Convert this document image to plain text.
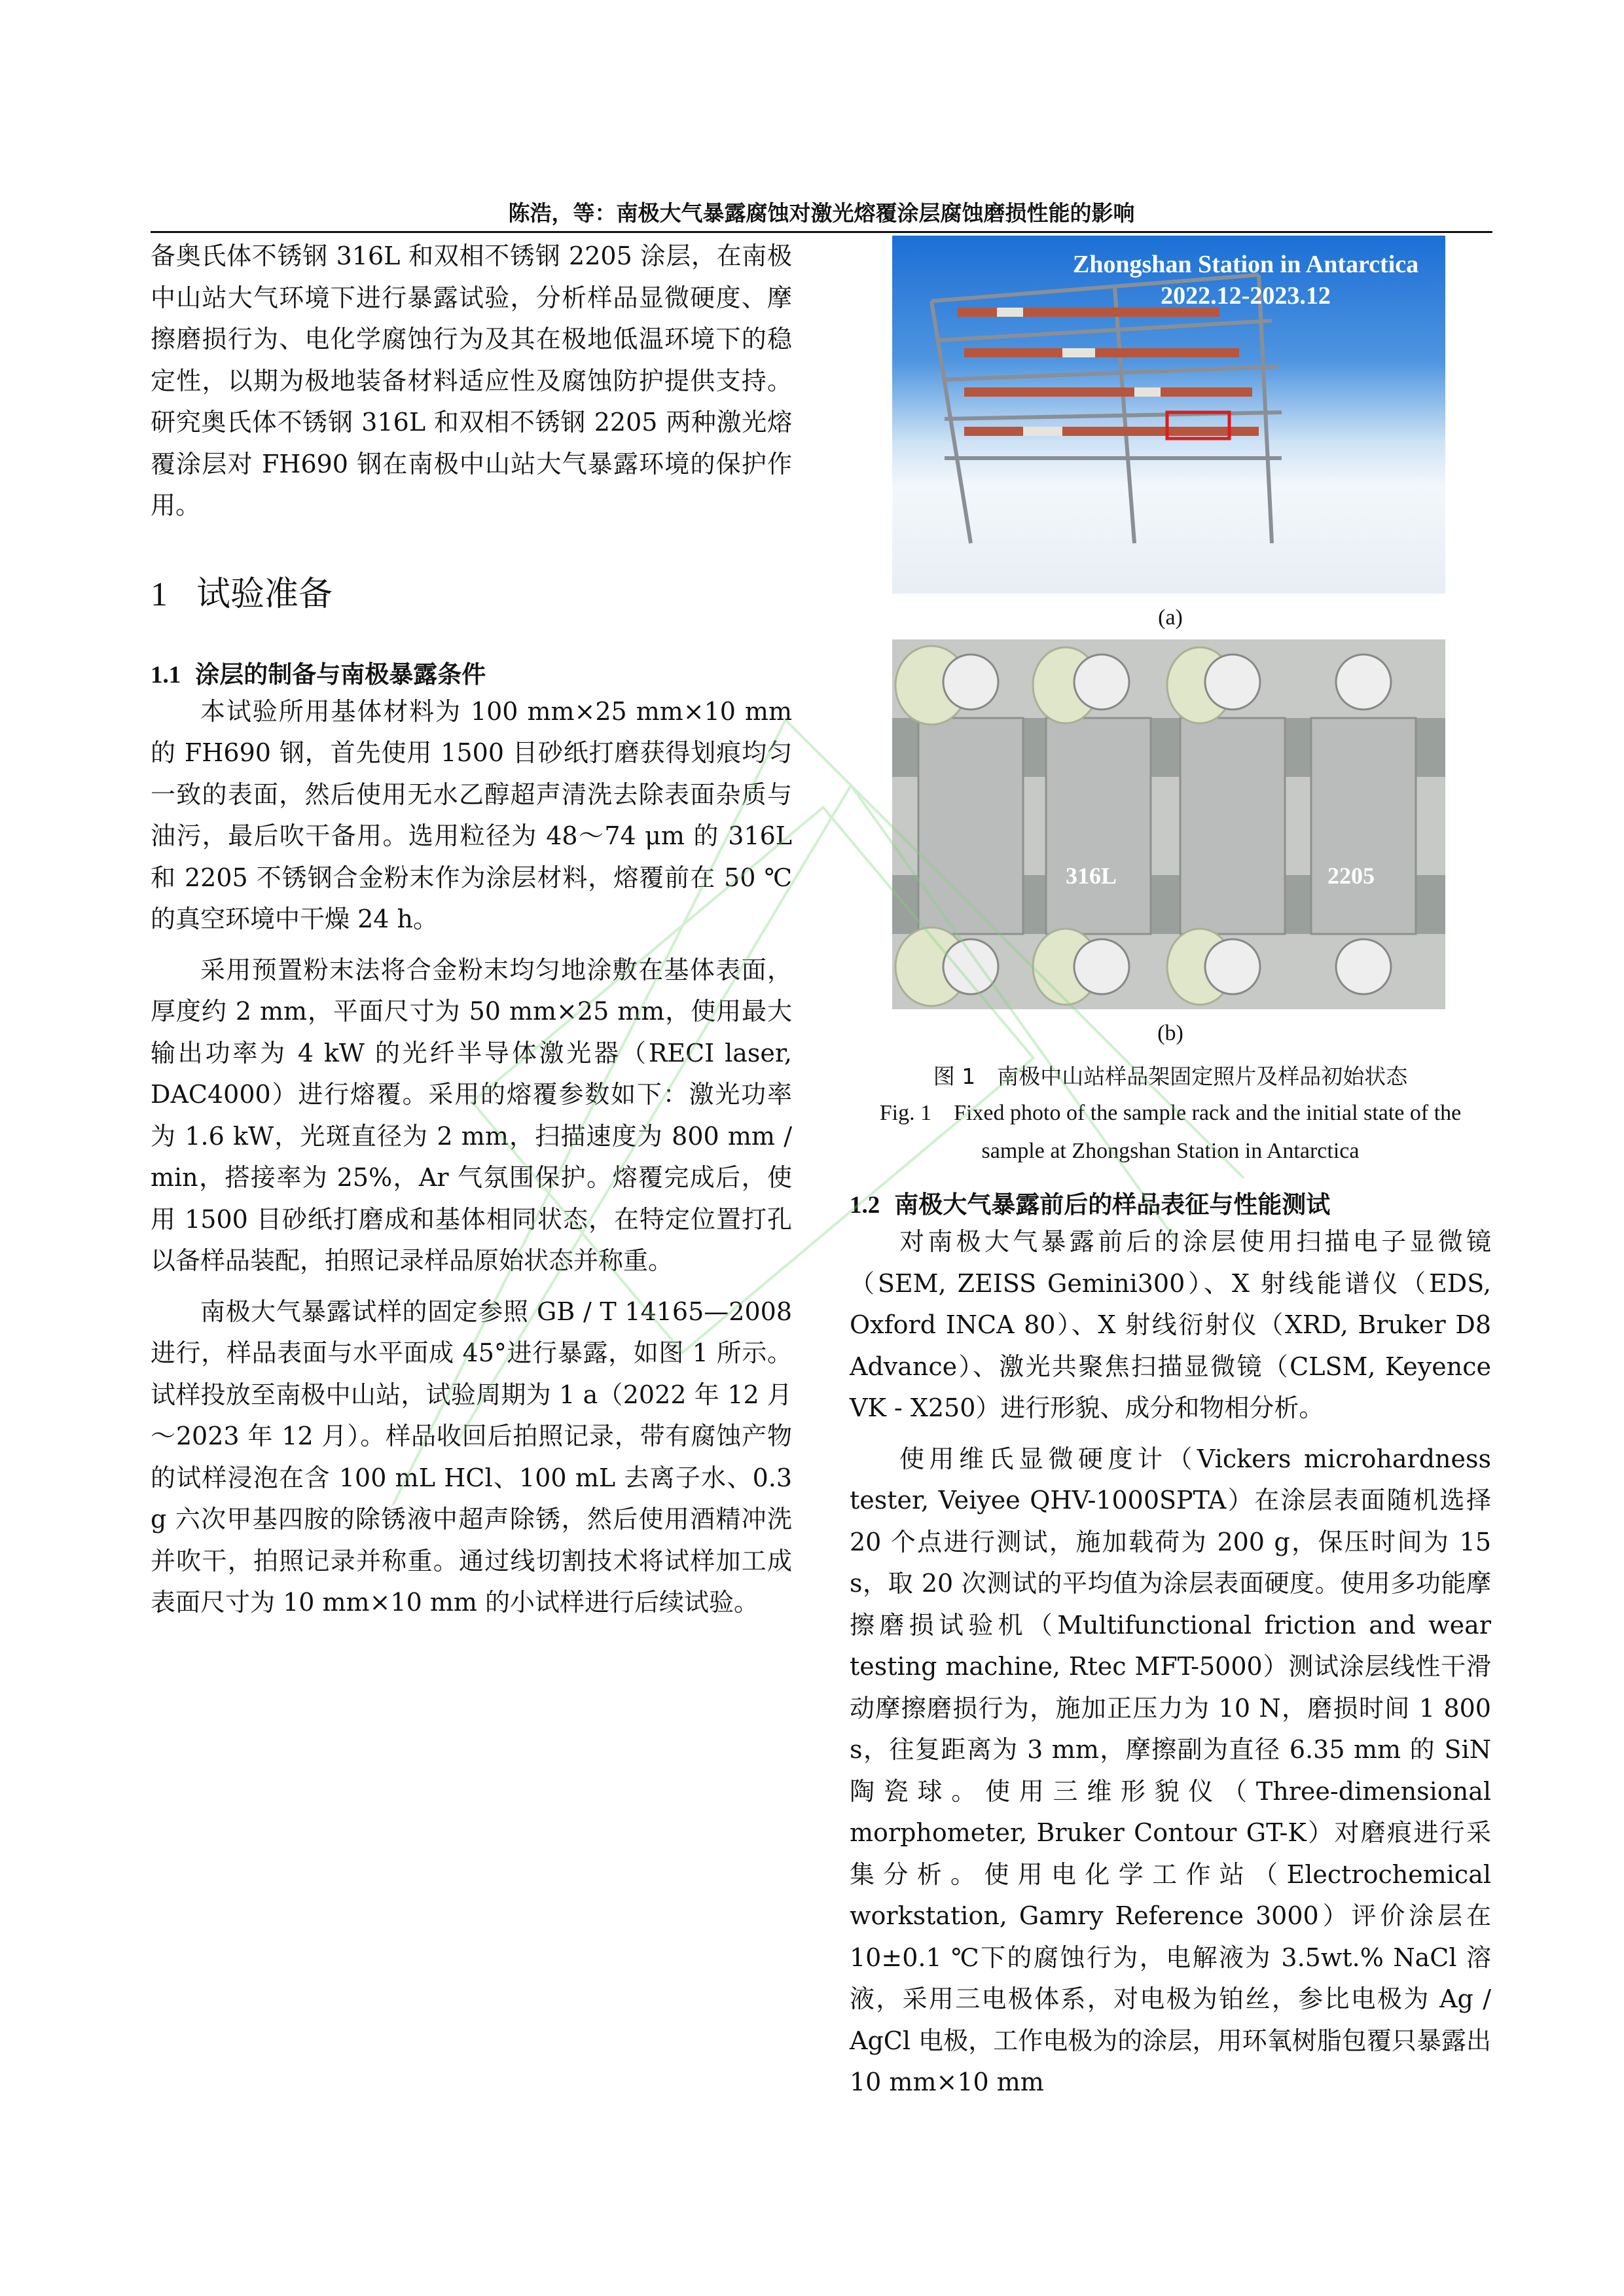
陈浩，等：南极大气暴露腐蚀对激光熔覆涂层腐蚀磨损性能的影响

备奥氏体不锈钢 316L 和双相不锈钢 2205 涂层，在南极中山站大气环境下进行暴露试验，分析样品显微硬度、摩擦磨损行为、电化学腐蚀行为及其在极地低温环境下的稳定性，以期为极地装备材料适应性及腐蚀防护提供支持。研究奥氏体不锈钢 316L 和双相不锈钢 2205 两种激光熔覆涂层对 FH690 钢在南极中山站大气暴露环境的保护作用。

1 试验准备
1.1 涂层的制备与南极暴露条件

本试验所用基体材料为 100 mm×25 mm×10 mm 的 FH690 钢，首先使用 1500 目砂纸打磨获得划痕均匀一致的表面，然后使用无水乙醇超声清洗去除表面杂质与油污，最后吹干备用。选用粒径为 48～74 μm 的 316L 和 2205 不锈钢合金粉末作为涂层材料，熔覆前在 50 ℃的真空环境中干燥 24 h。

采用预置粉末法将合金粉末均匀地涂敷在基体表面，厚度约 2 mm，平面尺寸为 50 mm×25 mm，使用最大输出功率为 4 kW 的光纤半导体激光器（RECI laser, DAC4000）进行熔覆。采用的熔覆参数如下：激光功率为 1.6 kW，光斑直径为 2 mm，扫描速度为 800 mm / min，搭接率为 25%，Ar 气氛围保护。熔覆完成后，使用 1500 目砂纸打磨成和基体相同状态，在特定位置打孔以备样品装配，拍照记录样品原始状态并称重。

南极大气暴露试样的固定参照 GB / T 14165—2008 进行，样品表面与水平面成 45°进行暴露，如图 1 所示。试样投放至南极中山站，试验周期为 1 a（2022 年 12 月～2023 年 12 月）。样品收回后拍照记录，带有腐蚀产物的试样浸泡在含 100 mL HCl、100 mL 去离子水、0.3 g 六次甲基四胺的除锈液中超声除锈，然后使用酒精冲洗并吹干，拍照记录并称重。通过线切割技术将试样加工成表面尺寸为 10 mm×10 mm 的小试样进行后续试验。

Zhongshan Station in Antarctica
2022.12-2023.12
(a)
316L	2205
(b)
图 1　南极中山站样品架固定照片及样品初始状态
Fig. 1　Fixed photo of the sample rack and the initial state of the sample at Zhongshan Station in Antarctica
1.2 南极大气暴露前后的样品表征与性能测试

对南极大气暴露前后的涂层使用扫描电子显微镜（SEM, ZEISS Gemini300）、X 射线能谱仪（EDS, Oxford INCA 80）、X 射线衍射仪（XRD, Bruker D8 Advance）、激光共聚焦扫描显微镜（CLSM, Keyence VK - X250）进行形貌、成分和物相分析。

使用维氏显微硬度计（Vickers microhardness tester, Veiyee QHV-1000SPTA）在涂层表面随机选择 20 个点进行测试，施加载荷为 200 g，保压时间为 15 s，取 20 次测试的平均值为涂层表面硬度。使用多功能摩擦磨损试验机（Multifunctional friction and wear testing machine, Rtec MFT-5000）测试涂层线性干滑动摩擦磨损行为，施加正压力为 10 N，磨损时间 1 800 s，往复距离为 3 mm，摩擦副为直径 6.35 mm 的 SiN 陶瓷球。使用三维形貌仪（Three-dimensional morphometer, Bruker Contour GT-K）对磨痕进行采集分析。使用电化学工作站（Electrochemical workstation, Gamry Reference 3000）评价涂层在 10±0.1 ℃下的腐蚀行为，电解液为 3.5wt.% NaCl 溶液，采用三电极体系，对电极为铂丝，参比电极为 Ag / AgCl 电极，工作电极为的涂层，用环氧树脂包覆只暴露出 10 mm×10 mm
